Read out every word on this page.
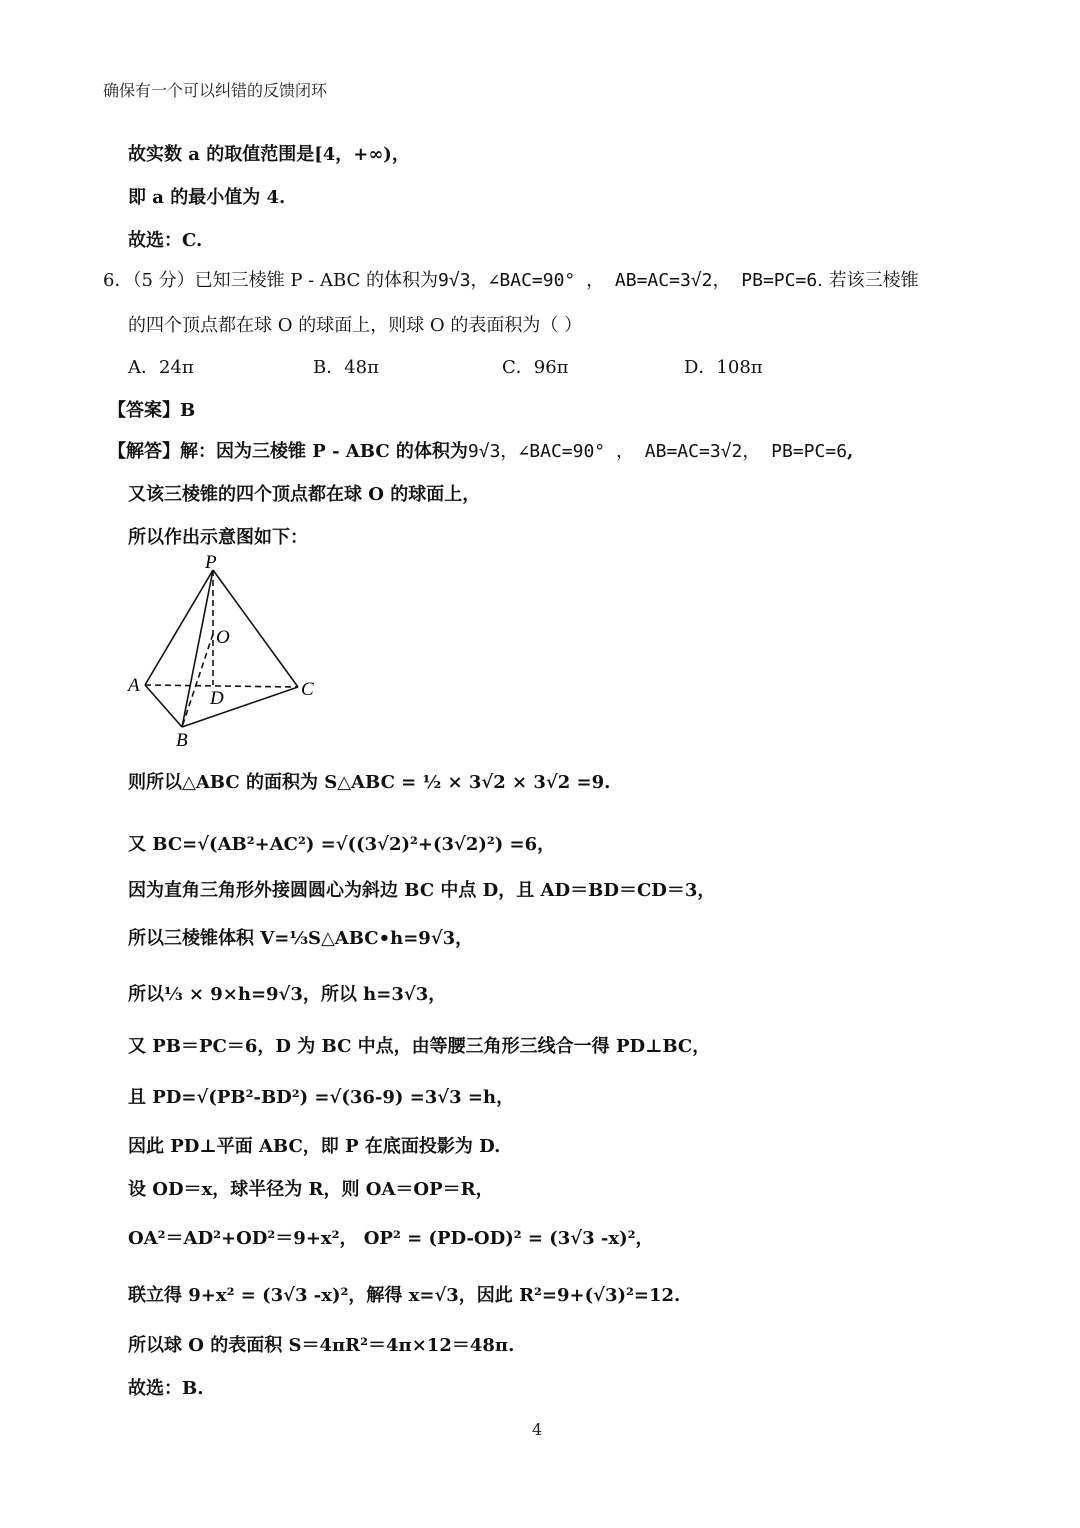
确保有一个可以纠错的反馈闭环
故实数 a 的取值范围是[4，+∞)，
即 a 的最小值为 4.
故选：C.
6．（5 分）已知三棱锥 P - ABC 的体积为9√3，∠BAC=90° ， AB=AC=3√2， PB=PC=6. 若该三棱锥
的四个顶点都在球 O 的球面上，则球 O 的表面积为（ ）
A．24π	B．48π	C．96π	D．108π
【答案】B
【解答】解：因为三棱锥 P - ABC 的体积为9√3，∠BAC=90° ， AB=AC=3√2， PB=PC=6,
又该三棱锥的四个顶点都在球 O 的球面上，
所以作出示意图如下：
P
O
A
D	C
B
则所以△ABC 的面积为 S△ABC = ½ × 3√2 × 3√2 =9.
又 BC=√(AB²+AC²) =√((3√2)²+(3√2)²) =6，
因为直角三角形外接圆圆心为斜边 BC 中点 D，且 AD＝BD＝CD＝3，
所以三棱锥体积 V=⅓S△ABC•h=9√3，
所以⅓ × 9×h=9√3，所以 h=3√3，
又 PB＝PC＝6，D 为 BC 中点，由等腰三角形三线合一得 PD⊥BC，
且 PD=√(PB²-BD²) =√(36-9) =3√3 =h，
因此 PD⊥平面 ABC，即 P 在底面投影为 D.
设 OD＝x，球半径为 R，则 OA＝OP＝R，
OA²＝AD²+OD²＝9+x²， OP² = (PD-OD)² = (3√3 -x)²，
联立得 9+x² = (3√3 -x)²，解得 x=√3，因此 R²=9+(√3)²=12.
所以球 O 的表面积 S＝4πR²＝4π×12＝48π.
故选：B.
4
